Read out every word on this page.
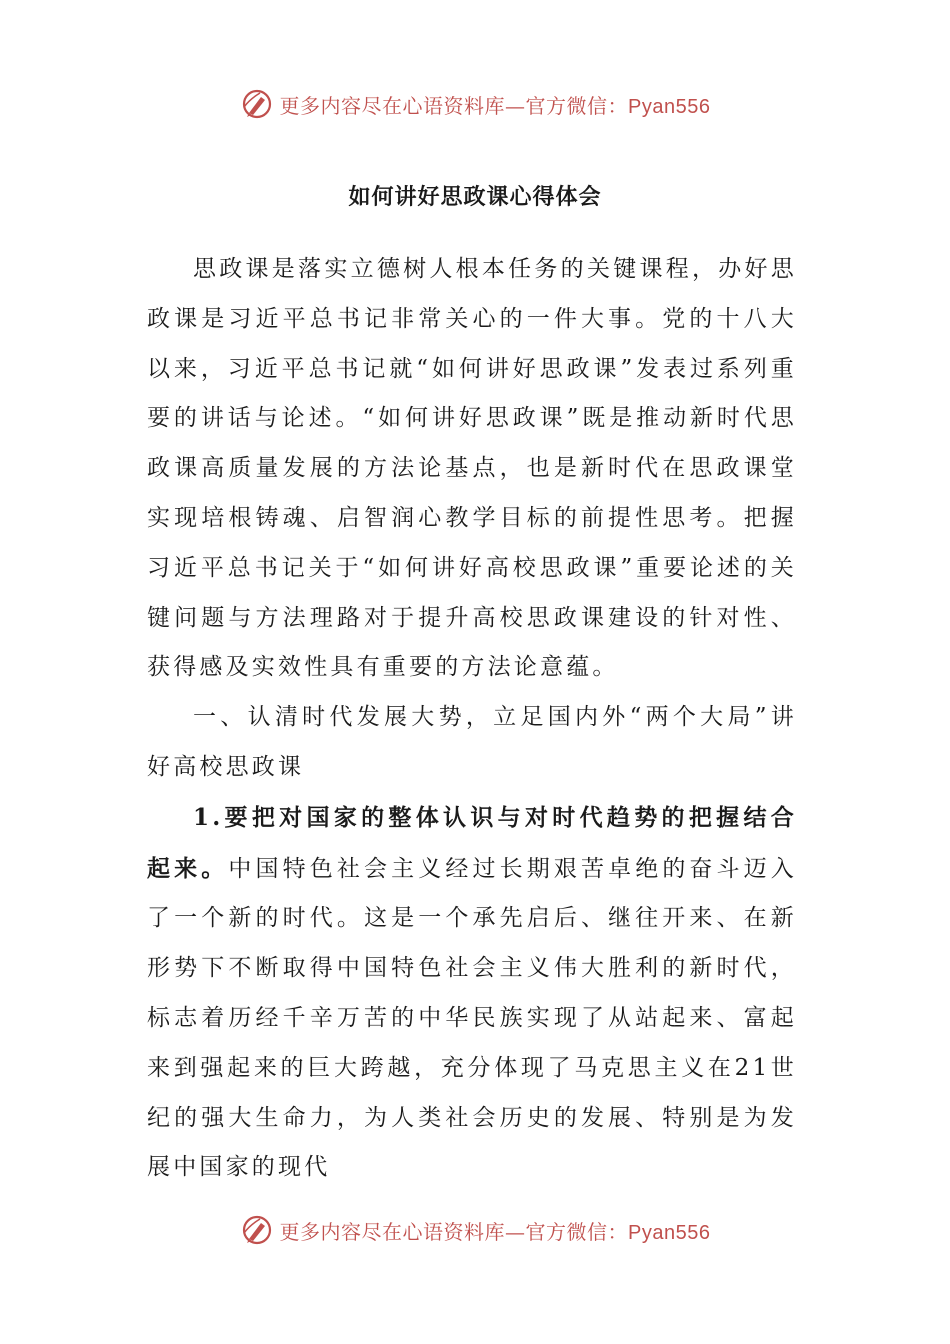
更多内容尽在心语资料库—官方微信：Pyan556
如何讲好思政课心得体会

思政课是落实立德树人根本任务的关键课程，办好思政课是习近平总书记非常关心的一件大事。党的十八大以来，习近平总书记就“如何讲好思政课”发表过系列重要的讲话与论述。“如何讲好思政课”既是推动新时代思政课高质量发展的方法论基点，也是新时代在思政课堂实现培根铸魂、启智润心教学目标的前提性思考。把握习近平总书记关于“如何讲好高校思政课”重要论述的关键问题与方法理路对于提升高校思政课建设的针对性、获得感及实效性具有重要的方法论意蕴。

一、认清时代发展大势，立足国内外“两个大局”讲好高校思政课

1.要把对国家的整体认识与对时代趋势的把握结合起来。中国特色社会主义经过长期艰苦卓绝的奋斗迈入了一个新的时代。这是一个承先启后、继往开来、在新形势下不断取得中国特色社会主义伟大胜利的新时代，标志着历经千辛万苦的中华民族实现了从站起来、富起来到强起来的巨大跨越，充分体现了马克思主义在21世纪的强大生命力，为人类社会历史的发展、特别是为发展中国家的现代

更多内容尽在心语资料库—官方微信：Pyan556
